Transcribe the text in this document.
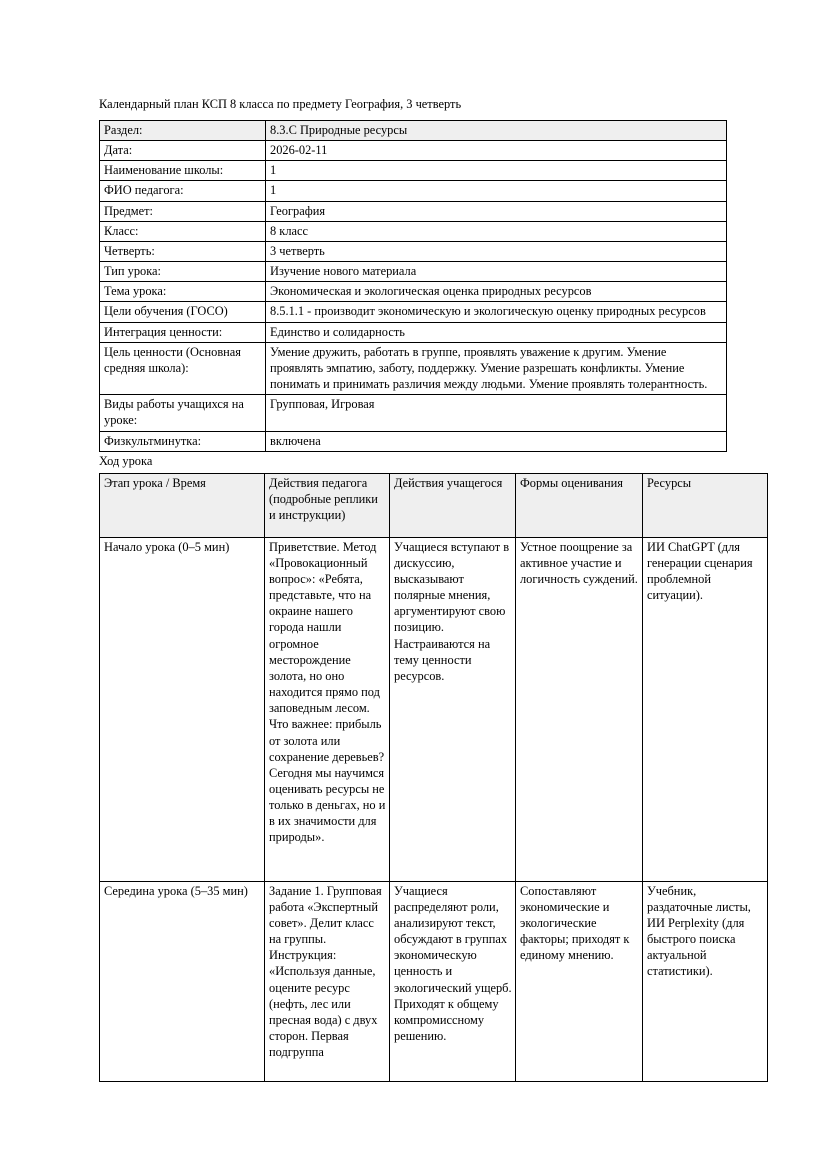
Календарный план КСП 8 класса по предмету География, 3 четверть
Раздел:	8.3.C Природные ресурсы
Дата:	2026-02-11
Наименование школы:	1
ФИО педагога:	1
Предмет:	География
Класс:	8 класс
Четверть:	3 четверть
Тип урока:	Изучение нового материала
Тема урока:	Экономическая и экологическая оценка природных ресурсов
Цели обучения (ГОСО)	8.5.1.1 - производит экономическую и экологическую оценку природных ресурсов
Интеграция ценности:	Единство и солидарность
Цель ценности (Основная средняя школа):	Умение дружить, работать в группе, проявлять уважение к другим. Умение проявлять эмпатию, заботу, поддержку. Умение разрешать конфликты. Умение понимать и принимать различия между людьми. Умение проявлять толерантность.
Виды работы учащихся на уроке:	Групповая, Игровая
Физкультминутка:	включена
Ход урока
Этап урока / Время	Действия педагога (подробные реплики и инструкции)	Действия учащегося	Формы оценивания	Ресурсы
Начало урока (0–5 мин)	Приветствие. Метод «Провокационный вопрос»: «Ребята, представьте, что на окраине нашего города нашли огромное месторождение золота, но оно находится прямо под заповедным лесом. Что важнее: прибыль от золота или сохранение деревьев? Сегодня мы научимся оценивать ресурсы не только в деньгах, но и в их значимости для природы».	Учащиеся вступают в дискуссию, высказывают полярные мнения, аргументируют свою позицию. Настраиваются на тему ценности ресурсов.	Устное поощрение за активное участие и логичность суждений.	ИИ ChatGPT (для генерации сценария проблемной ситуации).
Середина урока (5–35 мин)	Задание 1. Групповая работа «Экспертный совет». Делит класс на группы. Инструкция: «Используя данные, оцените ресурс (нефть, лес или пресная вода) с двух сторон. Первая подгруппа	Учащиеся распределяют роли, анализируют текст, обсуждают в группах экономическую ценность и экологический ущерб. Приходят к общему компромиссному решению.	Сопоставляют экономические и экологические факторы; приходят к единому мнению.	Учебник, раздаточные листы, ИИ Perplexity (для быстрого поиска актуальной статистики).
